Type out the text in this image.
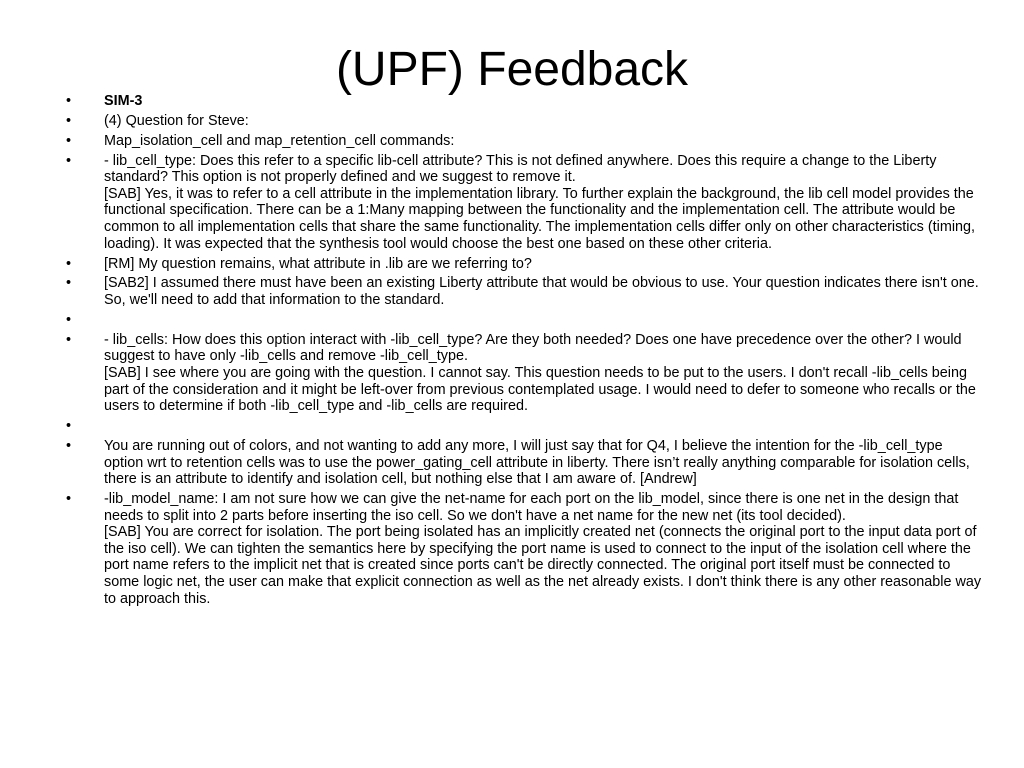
(UPF) Feedback
•	SIM-3
•	(4) Question for Steve:
•	Map_isolation_cell and map_retention_cell commands:
•	- lib_cell_type: Does this refer to a specific lib-cell attribute? This is not defined anywhere. Does this require a change to the Liberty standard? This option is not properly defined and we suggest to remove it.
[SAB] Yes, it was to refer to a cell attribute in the implementation library. To further explain the background, the lib cell model provides the functional specification. There can be a 1:Many mapping between the functionality and the implementation cell. The attribute would be common to all implementation cells that share the same functionality. The implementation cells differ only on other characteristics (timing, loading). It was expected that the synthesis tool would choose the best one based on these other criteria.
•	[RM] My question remains, what attribute in .lib are we referring to?
•	[SAB2] I assumed there must have been an existing Liberty attribute that would be obvious to use. Your question indicates there isn't one. So, we'll need to add that information to the standard.
•
•	- lib_cells: How does this option interact with -lib_cell_type? Are they both needed? Does one have precedence over the other? I would suggest to have only -lib_cells and remove -lib_cell_type.
[SAB] I see where you are going with the question. I cannot say. This question needs to be put to the users. I don't recall -lib_cells being part of the consideration and it might be left-over from previous contemplated usage. I would need to defer to someone who recalls or the users to determine if both -lib_cell_type and -lib_cells are required.
•
•	You are running out of colors, and not wanting to add any more, I will just say that for Q4, I believe the intention for the -lib_cell_type option wrt to retention cells was to use the power_gating_cell attribute in liberty. There isn’t really anything comparable for isolation cells, there is an attribute to identify and isolation cell, but nothing else that I am aware of. [Andrew]
•	-lib_model_name: I am not sure how we can give the net-name for each port on the lib_model, since there is one net in the design that needs to split into 2 parts before inserting the iso cell. So we don't have a net name for the new net (its tool decided).
[SAB] You are correct for isolation. The port being isolated has an implicitly created net (connects the original port to the input data port of the iso cell). We can tighten the semantics here by specifying the port name is used to connect to the input of the isolation cell where the port name refers to the implicit net that is created since ports can't be directly connected. The original port itself must be connected to some logic net, the user can make that explicit connection as well as the net already exists. I don't think there is any other reasonable way to approach this.
